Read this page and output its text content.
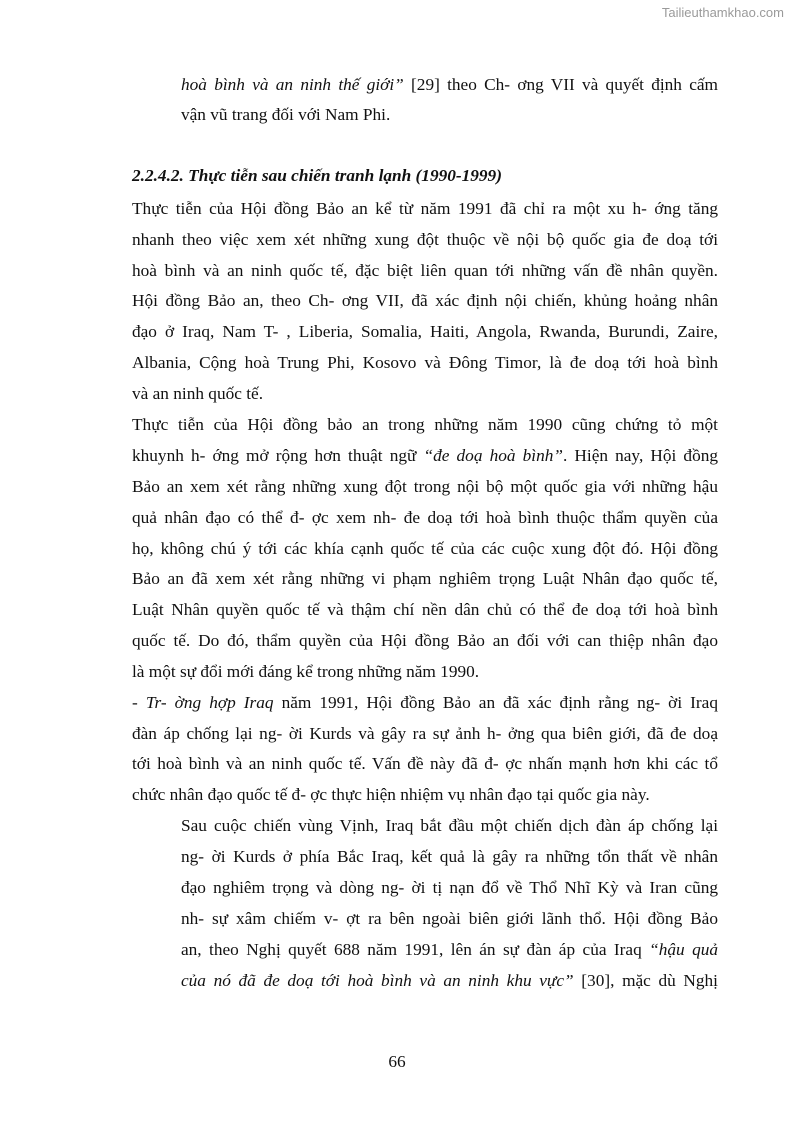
Tailieuthamkhao.com
hoà bình và an ninh thế giới” [29] theo Ch- ơng VII và quyết định cấm
vận vũ trang đối với Nam Phi.
Thực tiễn của Hội đồng Bảo an kể từ năm 1991 đã chỉ ra một xu h- ớng tăng
nhanh theo việc xem xét những xung đột thuộc về nội bộ quốc gia đe doạ tới
hoà bình và an ninh quốc tế, đặc biệt liên quan tới những vấn đề nhân quyền.
Hội đồng Bảo an, theo Ch- ơng VII, đã xác định nội chiến, khủng hoảng nhân
đạo ở Iraq, Nam T- , Liberia, Somalia, Haiti, Angola, Rwanda, Burundi, Zaire,
Albania, Cộng hoà Trung Phi, Kosovo và Đông Timor, là đe doạ tới hoà bình
và an ninh quốc tế.
Thực tiễn của Hội đồng bảo an trong những năm 1990 cũng chứng tỏ một
khuynh h- ớng mở rộng hơn thuật ngữ “đe doạ hoà bình”. Hiện nay, Hội đồng
Bảo an xem xét rằng những xung đột trong nội bộ một quốc gia với những hậu
quả nhân đạo có thể đ- ợc xem nh- đe doạ tới hoà bình thuộc thẩm quyền của
họ, không chú ý tới các khía cạnh quốc tế của các cuộc xung đột đó. Hội đồng
Bảo an đã xem xét rằng những vi phạm nghiêm trọng Luật Nhân đạo quốc tế,
Luật Nhân quyền quốc tế và thậm chí nền dân chủ có thể đe doạ tới hoà bình
quốc tế. Do đó, thẩm quyền của Hội đồng Bảo an đối với can thiệp nhân đạo
là một sự đổi mới đáng kể trong những năm 1990.
- Tr- ờng hợp Iraq năm 1991, Hội đồng Bảo an đã xác định rằng ng- ời Iraq
đàn áp chống lại ng- ời Kurds và gây ra sự ảnh h- ởng qua biên giới, đã đe doạ
tới hoà bình và an ninh quốc tế. Vấn đề này đã đ- ợc nhấn mạnh hơn khi các tổ
chức nhân đạo quốc tế đ- ợc thực hiện nhiệm vụ nhân đạo tại quốc gia này.
Sau cuộc chiến vùng Vịnh, Iraq bắt đầu một chiến dịch đàn áp chống lại
ng- ời Kurds ở phía Bắc Iraq, kết quả là gây ra những tổn thất về nhân
đạo nghiêm trọng và dòng ng- ời tị nạn đổ về Thổ Nhĩ Kỳ và Iran cũng
nh- sự xâm chiếm v- ợt ra bên ngoài biên giới lãnh thổ. Hội đồng Bảo
an, theo Nghị quyết 688 năm 1991, lên án sự đàn áp của Iraq “hậu quả
của nó đã đe doạ tới hoà bình và an ninh khu vực” [30], mặc dù Nghị
2.2.4.2. Thực tiễn sau chiến tranh lạnh (1990-1999)
66
